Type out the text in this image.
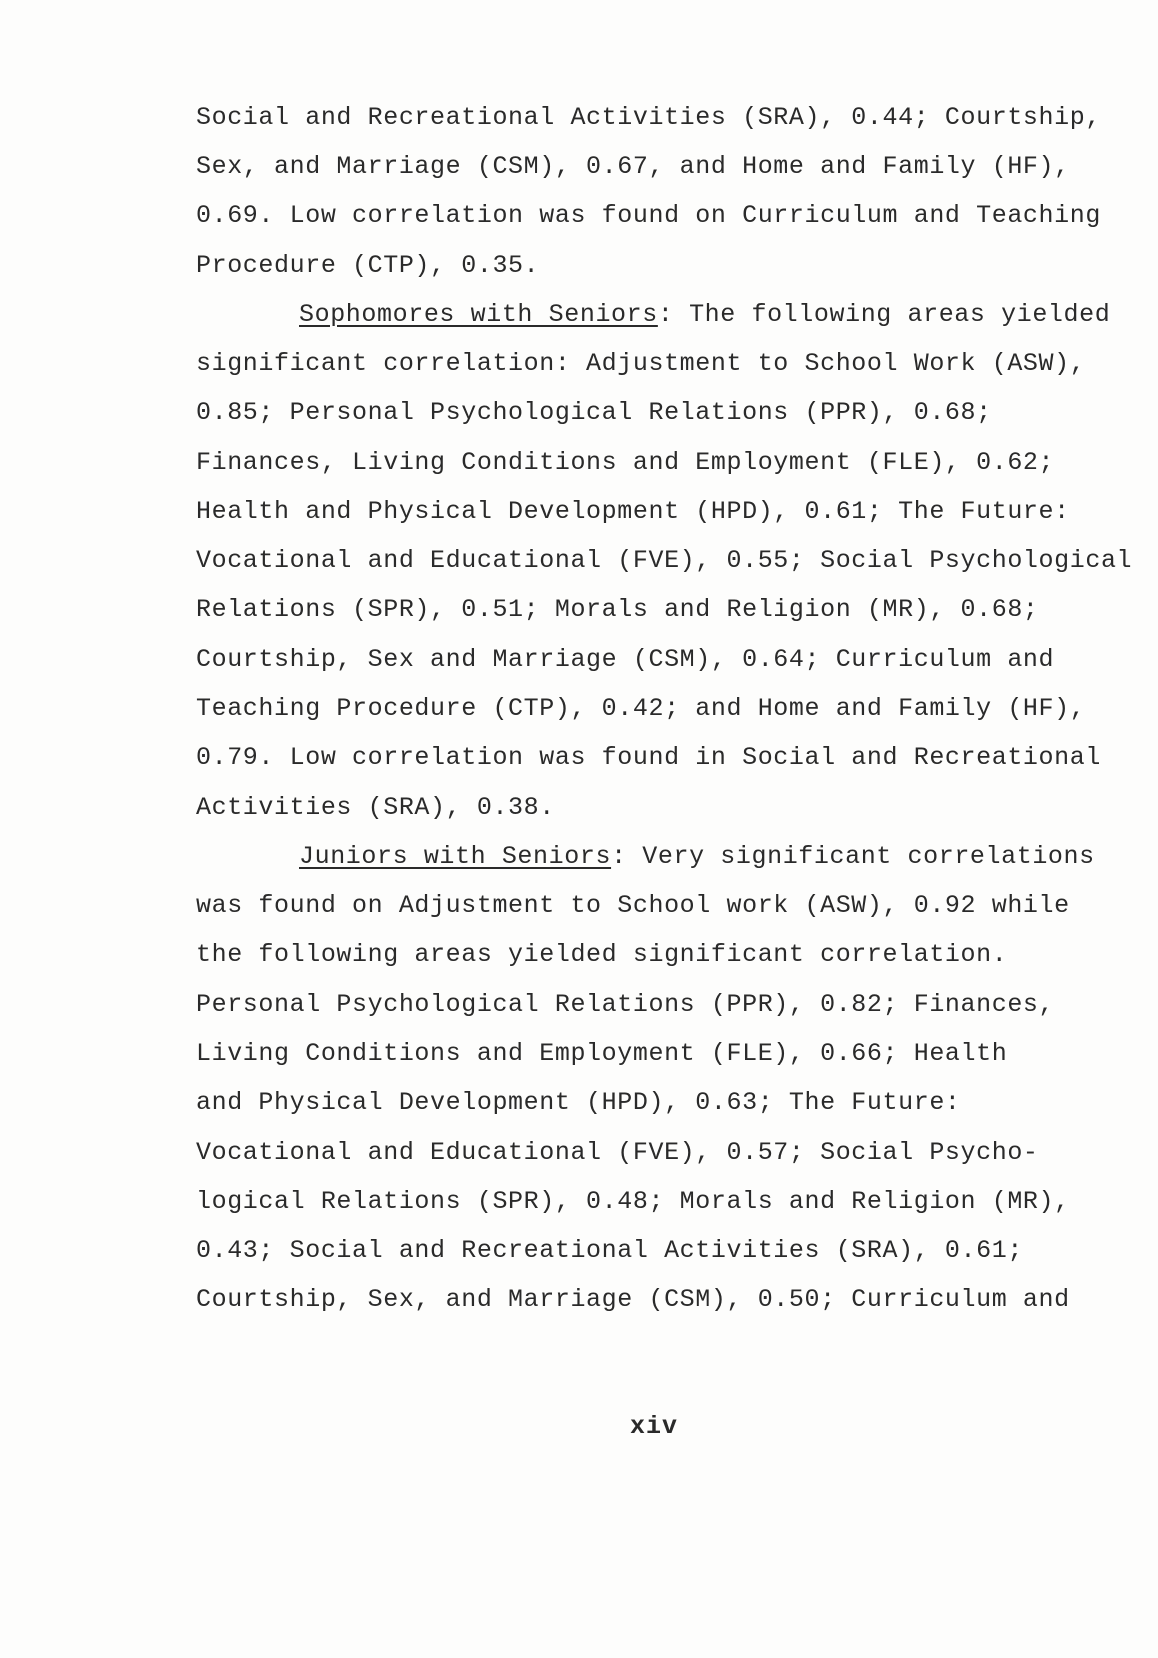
Social and Recreational Activities (SRA), 0.44; Courtship,
Sex, and Marriage (CSM), 0.67, and Home and Family (HF),
0.69. Low correlation was found on Curriculum and Teaching
Procedure (CTP), 0.35.
Sophomores with Seniors: The following areas yielded
significant correlation: Adjustment to School Work (ASW),
0.85; Personal Psychological Relations (PPR), 0.68;
Finances, Living Conditions and Employment (FLE), 0.62;
Health and Physical Development (HPD), 0.61; The Future:
Vocational and Educational (FVE), 0.55; Social Psychological
Relations (SPR), 0.51; Morals and Religion (MR), 0.68;
Courtship, Sex and Marriage (CSM), 0.64; Curriculum and
Teaching Procedure (CTP), 0.42; and Home and Family (HF),
0.79. Low correlation was found in Social and Recreational
Activities (SRA), 0.38.
Juniors with Seniors: Very significant correlations
was found on Adjustment to School work (ASW), 0.92 while
the following areas yielded significant correlation.
Personal Psychological Relations (PPR), 0.82; Finances,
Living Conditions and Employment (FLE), 0.66; Health
and Physical Development (HPD), 0.63; The Future:
Vocational and Educational (FVE), 0.57; Social Psycho-
logical Relations (SPR), 0.48; Morals and Religion (MR),
0.43; Social and Recreational Activities (SRA), 0.61;
Courtship, Sex, and Marriage (CSM), 0.50; Curriculum and
xiv
